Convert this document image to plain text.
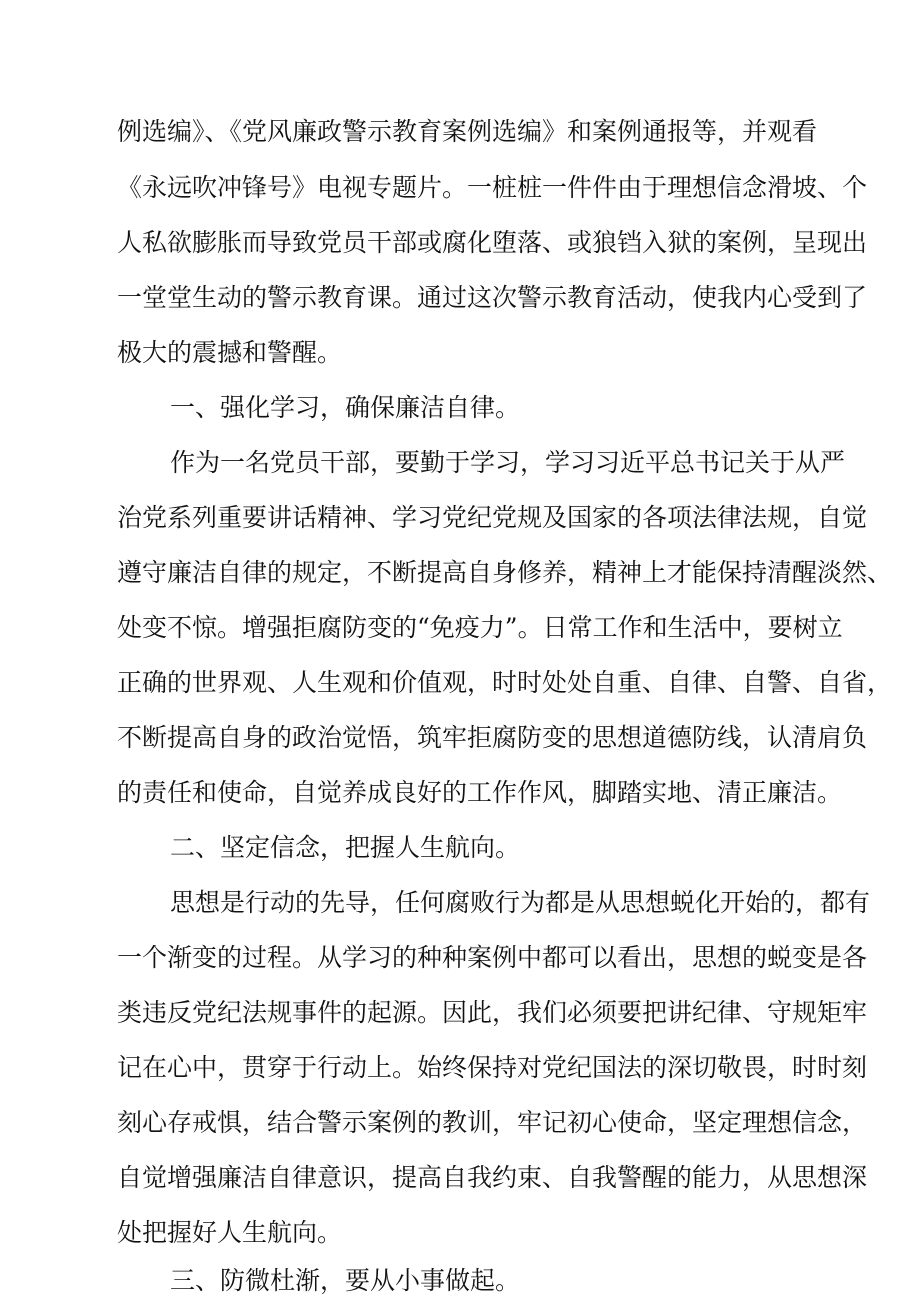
例选编》、《党风廉政警示教育案例选编》和案例通报等，并观看
《永远吹冲锋号》电视专题片。一桩桩一件件由于理想信念滑坡、个
人私欲膨胀而导致党员干部或腐化堕落、或狼铛入狱的案例，呈现出
一堂堂生动的警示教育课。通过这次警示教育活动，使我内心受到了
极大的震撼和警醒。
一、强化学习，确保廉洁自律。
作为一名党员干部，要勤于学习，学习习近平总书记关于从严
治党系列重要讲话精神、学习党纪党规及国家的各项法律法规，自觉
遵守廉洁自律的规定，不断提高自身修养，精神上才能保持清醒淡然、
处变不惊。增强拒腐防变的“免疫力”。日常工作和生活中，要树立
正确的世界观、人生观和价值观，时时处处自重、自律、自警、自省，
不断提高自身的政治觉悟，筑牢拒腐防变的思想道德防线，认清肩负
的责任和使命，自觉养成良好的工作作风，脚踏实地、清正廉洁。
二、坚定信念，把握人生航向。
思想是行动的先导，任何腐败行为都是从思想蜕化开始的，都有
一个渐变的过程。从学习的种种案例中都可以看出，思想的蜕变是各
类违反党纪法规事件的起源。因此，我们必须要把讲纪律、守规矩牢
记在心中，贯穿于行动上。始终保持对党纪国法的深切敬畏，时时刻
刻心存戒惧，结合警示案例的教训，牢记初心使命，坚定理想信念，
自觉增强廉洁自律意识，提高自我约束、自我警醒的能力，从思想深
处把握好人生航向。
三、防微杜渐，要从小事做起。
